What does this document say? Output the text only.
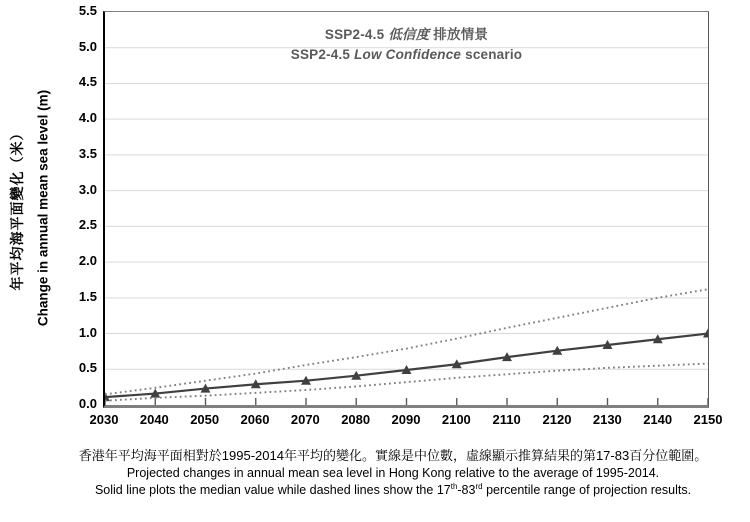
年平均海平面變化（米） Change in annual mean sea level (m)
5.5
5.0
4.5
4.0
3.5
3.0
2.5
2.0
1.5
1.0
0.5
0.0
SSP2-4.5 低信度 排放情景
SSP2-4.5 Low Confidence scenario
2030	2040	2050	2060	2070	2080	2090	2100	2110	2120	2130	2140	2150
香港年平均海平面相對於1995-2014年平均的變化。實線是中位數，虛線顯示推算結果的第17-83百分位範圍。
Projected changes in annual mean sea level in Hong Kong relative to the average of 1995-2014.
Solid line plots the median value while dashed lines show the 17th-83rd percentile range of projection results.
